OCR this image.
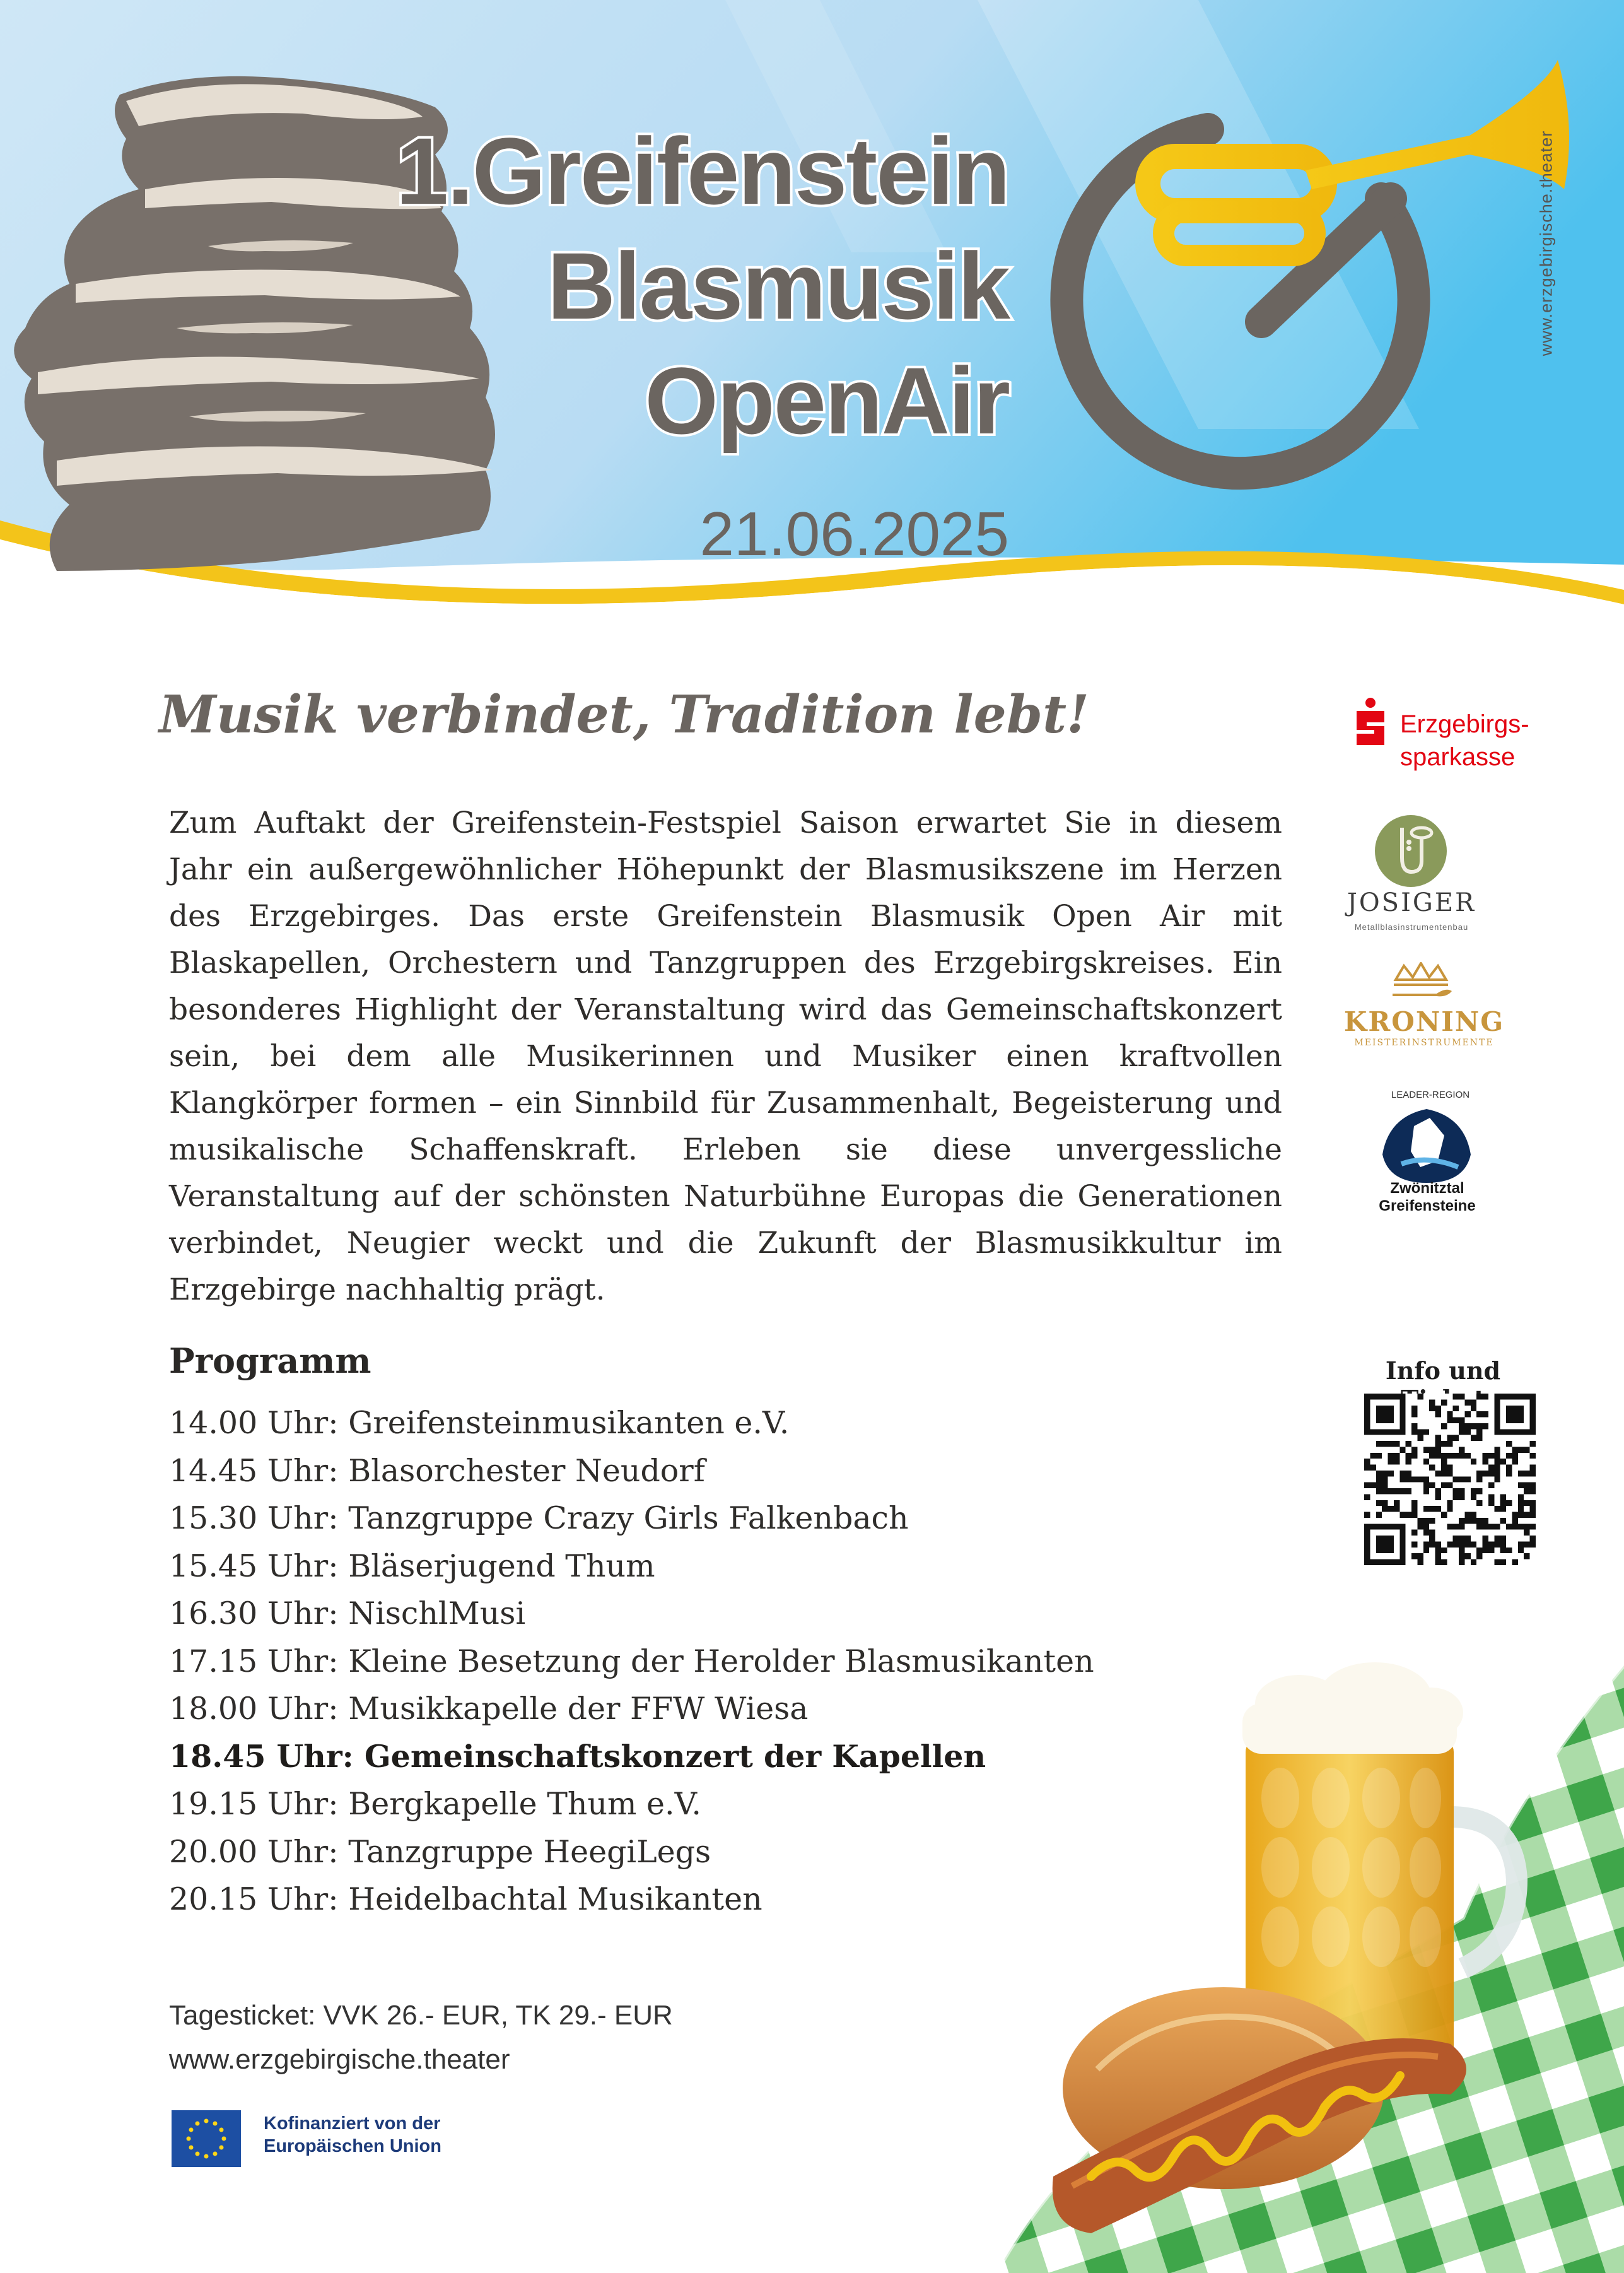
1.Greifenstein
Blasmusik
OpenAir
21.06.2025
www.erzgebirgische.theater
Musik verbindet, Tradition lebt!
Zum Auftakt der Greifenstein-Festspiel Saison erwartet Sie in diesem Jahr ein außergewöhnlicher Höhepunkt der Blasmusikszene im Herzen des Erzgebirges. Das erste Greifenstein Blasmusik Open Air mit Blaskapellen, Orchestern und Tanzgruppen des Erzgebirgskreises. Ein besonderes Highlight der Veranstaltung wird das Gemeinschaftskonzert sein, bei dem alle Musikerinnen und Musiker einen kraftvollen Klangkörper formen – ein Sinnbild für Zusammenhalt, Begeisterung und musikalische Schaffenskraft. Erleben sie diese unvergessliche Veranstaltung auf der schönsten Naturbühne Europas die Generationen verbindet, Neugier weckt und die Zukunft der Blasmusikkultur im Erzgebirge nachhaltig prägt.
Erzgebirgs-
sparkasse
JOSIGER
Metallblasinstrumentenbau
KRONING
MEISTERINSTRUMENTE
LEADER-REGION
Zwönitztal
Greifensteine
Programm
14.00 Uhr: Greifensteinmusikanten e.V.
14.45 Uhr: Blasorchester Neudorf
15.30 Uhr: Tanzgruppe Crazy Girls Falkenbach
15.45 Uhr: Bläserjugend Thum
16.30 Uhr: NischlMusi
17.15 Uhr: Kleine Besetzung der Herolder Blasmusikanten
18.00 Uhr: Musikkapelle der FFW Wiesa
18.45 Uhr: Gemeinschaftskonzert der Kapellen
19.15 Uhr: Bergkapelle Thum e.V.
20.00 Uhr: Tanzgruppe HeegiLegs
20.15 Uhr: Heidelbachtal Musikanten
Info und
Tagesticket: VVK 26.- EUR, TK 29.- EUR
www.erzgebirgische.theater
Kofinanziert von der
Europäischen Union
